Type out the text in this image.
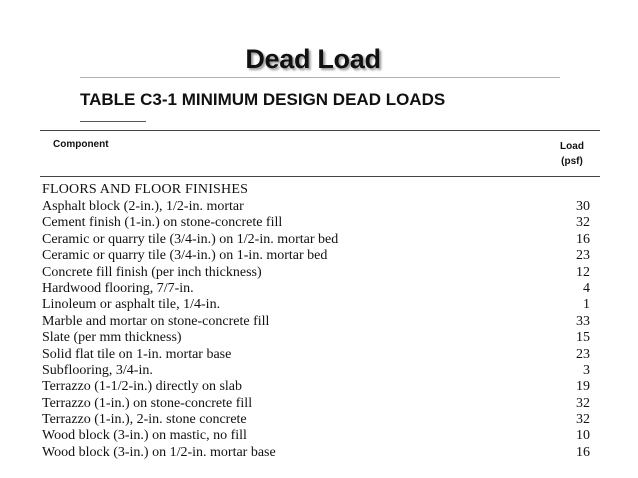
Dead Load
TABLE C3-1 MINIMUM DESIGN DEAD LOADS
Component	Load
(psf)
FLOORS AND FLOOR FINISHES
Asphalt block (2-in.), 1/2-in. mortar	30
Cement finish (1-in.) on stone-concrete fill	32
Ceramic or quarry tile (3/4-in.) on 1/2-in. mortar bed	16
Ceramic or quarry tile (3/4-in.) on 1-in. mortar bed	23
Concrete fill finish (per inch thickness)	12
Hardwood flooring, 7/7-in.	4
Linoleum or asphalt tile, 1/4-in.	1
Marble and mortar on stone-concrete fill	33
Slate (per mm thickness)	15
Solid flat tile on 1-in. mortar base	23
Subflooring, 3/4-in.	3
Terrazzo (1-1/2-in.) directly on slab	19
Terrazzo (1-in.) on stone-concrete fill	32
Terrazzo (1-in.), 2-in. stone concrete	32
Wood block (3-in.) on mastic, no fill	10
Wood block (3-in.) on 1/2-in. mortar base	16
